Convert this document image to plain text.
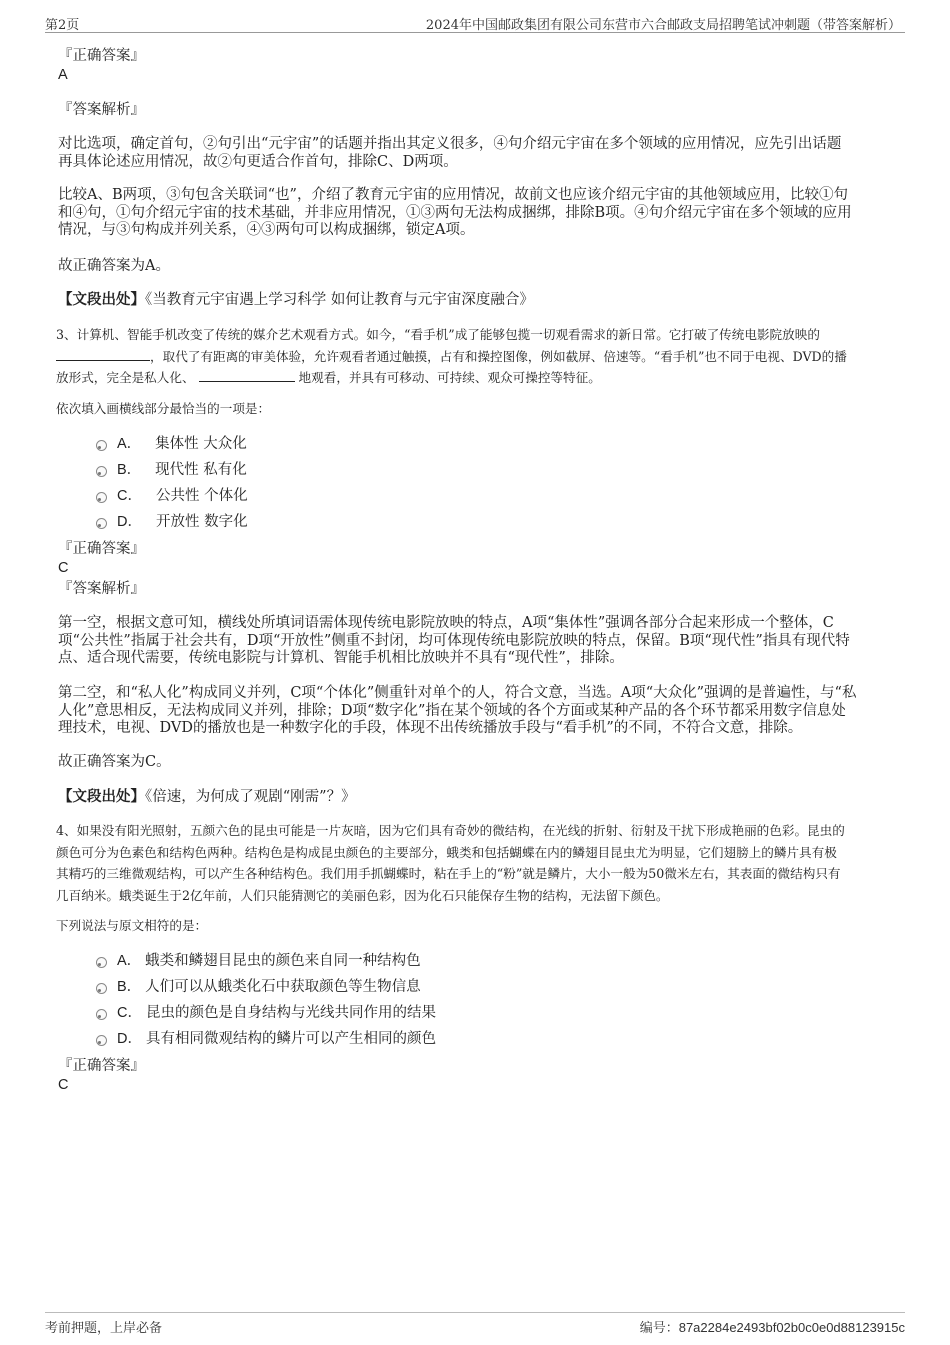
第2页	2024年中国邮政集团有限公司东营市六合邮政支局招聘笔试冲刺题（带答案解析）
『正确答案』
A
『答案解析』
对比选项，确定首句，②句引出“元宇宙”的话题并指出其定义很多，④句介绍元宇宙在多个领域的应用情况，应先引出话题
再具体论述应用情况，故②句更适合作首句，排除C、D两项。
比较A、B两项，③句包含关联词“也”，介绍了教育元宇宙的应用情况，故前文也应该介绍元宇宙的其他领域应用，比较①句
和④句，①句介绍元宇宙的技术基础，并非应用情况，①③两句无法构成捆绑，排除B项。④句介绍元宇宙在多个领域的应用
情况，与③句构成并列关系，④③两句可以构成捆绑，锁定A项。
故正确答案为A。
【文段出处】《当教育元宇宙遇上学习科学 如何让教育与元宇宙深度融合》
3、计算机、智能手机改变了传统的媒介艺术观看方式。如今，“看手机”成了能够包揽一切观看需求的新日常。它打破了传统电影院放映的
，取代了有距离的审美体验，允许观看者通过触摸，占有和操控图像，例如截屏、倍速等。“看手机”也不同于电视、DVD的播
放形式，完全是私人化、	地观看，并具有可移动、可持续、观众可操控等特征。
依次填入画横线部分最恰当的一项是：
A． 集体性 大众化
B． 现代性 私有化
C． 公共性 个体化
D． 开放性 数字化
『正确答案』
C
『答案解析』
第一空，根据文意可知，横线处所填词语需体现传统电影院放映的特点，A项“集体性”强调各部分合起来形成一个整体，C
项“公共性”指属于社会共有，D项“开放性”侧重不封闭，均可体现传统电影院放映的特点，保留。B项“现代性”指具有现代特
点、适合现代需要，传统电影院与计算机、智能手机相比放映并不具有“现代性”，排除。
第二空，和“私人化”构成同义并列，C项“个体化”侧重针对单个的人，符合文意，当选。A项“大众化”强调的是普遍性，与“私
人化”意思相反，无法构成同义并列，排除；D项“数字化”指在某个领域的各个方面或某种产品的各个环节都采用数字信息处
理技术，电视、DVD的播放也是一种数字化的手段，体现不出传统播放手段与“看手机”的不同，不符合文意，排除。
故正确答案为C。
【文段出处】《倍速，为何成了观剧“刚需”？》
4、如果没有阳光照射，五颜六色的昆虫可能是一片灰暗，因为它们具有奇妙的微结构，在光线的折射、衍射及干扰下形成艳丽的色彩。昆虫的
颜色可分为色素色和结构色两种。结构色是构成昆虫颜色的主要部分，蛾类和包括蝴蝶在内的鳞翅目昆虫尤为明显，它们翅膀上的鳞片具有极
其精巧的三维微观结构，可以产生各种结构色。我们用手抓蝴蝶时，粘在手上的“粉”就是鳞片，大小一般为50微米左右，其表面的微结构只有
几百纳米。蛾类诞生于2亿年前，人们只能猜测它的美丽色彩，因为化石只能保存生物的结构，无法留下颜色。
下列说法与原文相符的是：
A． 蛾类和鳞翅目昆虫的颜色来自同一种结构色
B． 人们可以从蛾类化石中获取颜色等生物信息
C． 昆虫的颜色是自身结构与光线共同作用的结果
D． 具有相同微观结构的鳞片可以产生相同的颜色
『正确答案』
C
考前押题，上岸必备	编号：87a2284e2493bf02b0c0e0d88123915c
